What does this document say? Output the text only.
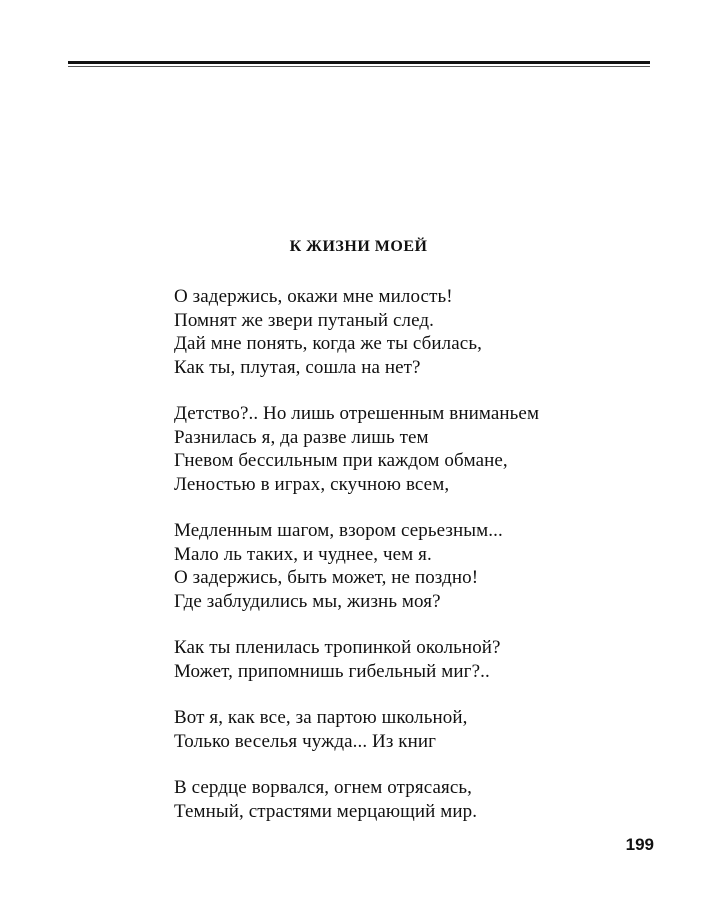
К ЖИЗНИ МОЕЙ
О задержись, окажи мне милость!
Помнят же звери путаный след.
Дай мне понять, когда же ты сбилась,
Как ты, плутая, сошла на нет?
Детство?.. Но лишь отрешенным вниманьем
Разнилась я, да разве лишь тем
Гневом бессильным при каждом обмане,
Леностью в играх, скучною всем,
Медленным шагом, взором серьезным...
Мало ль таких, и чуднее, чем я.
О задержись, быть может, не поздно!
Где заблудились мы, жизнь моя?
Как ты пленилась тропинкой окольной?
Может, припомнишь гибельный миг?..
Вот я, как все, за партою школьной,
Только веселья чужда... Из книг
В сердце ворвался, огнем отрясаясь,
Темный, страстями мерцающий мир.
199
